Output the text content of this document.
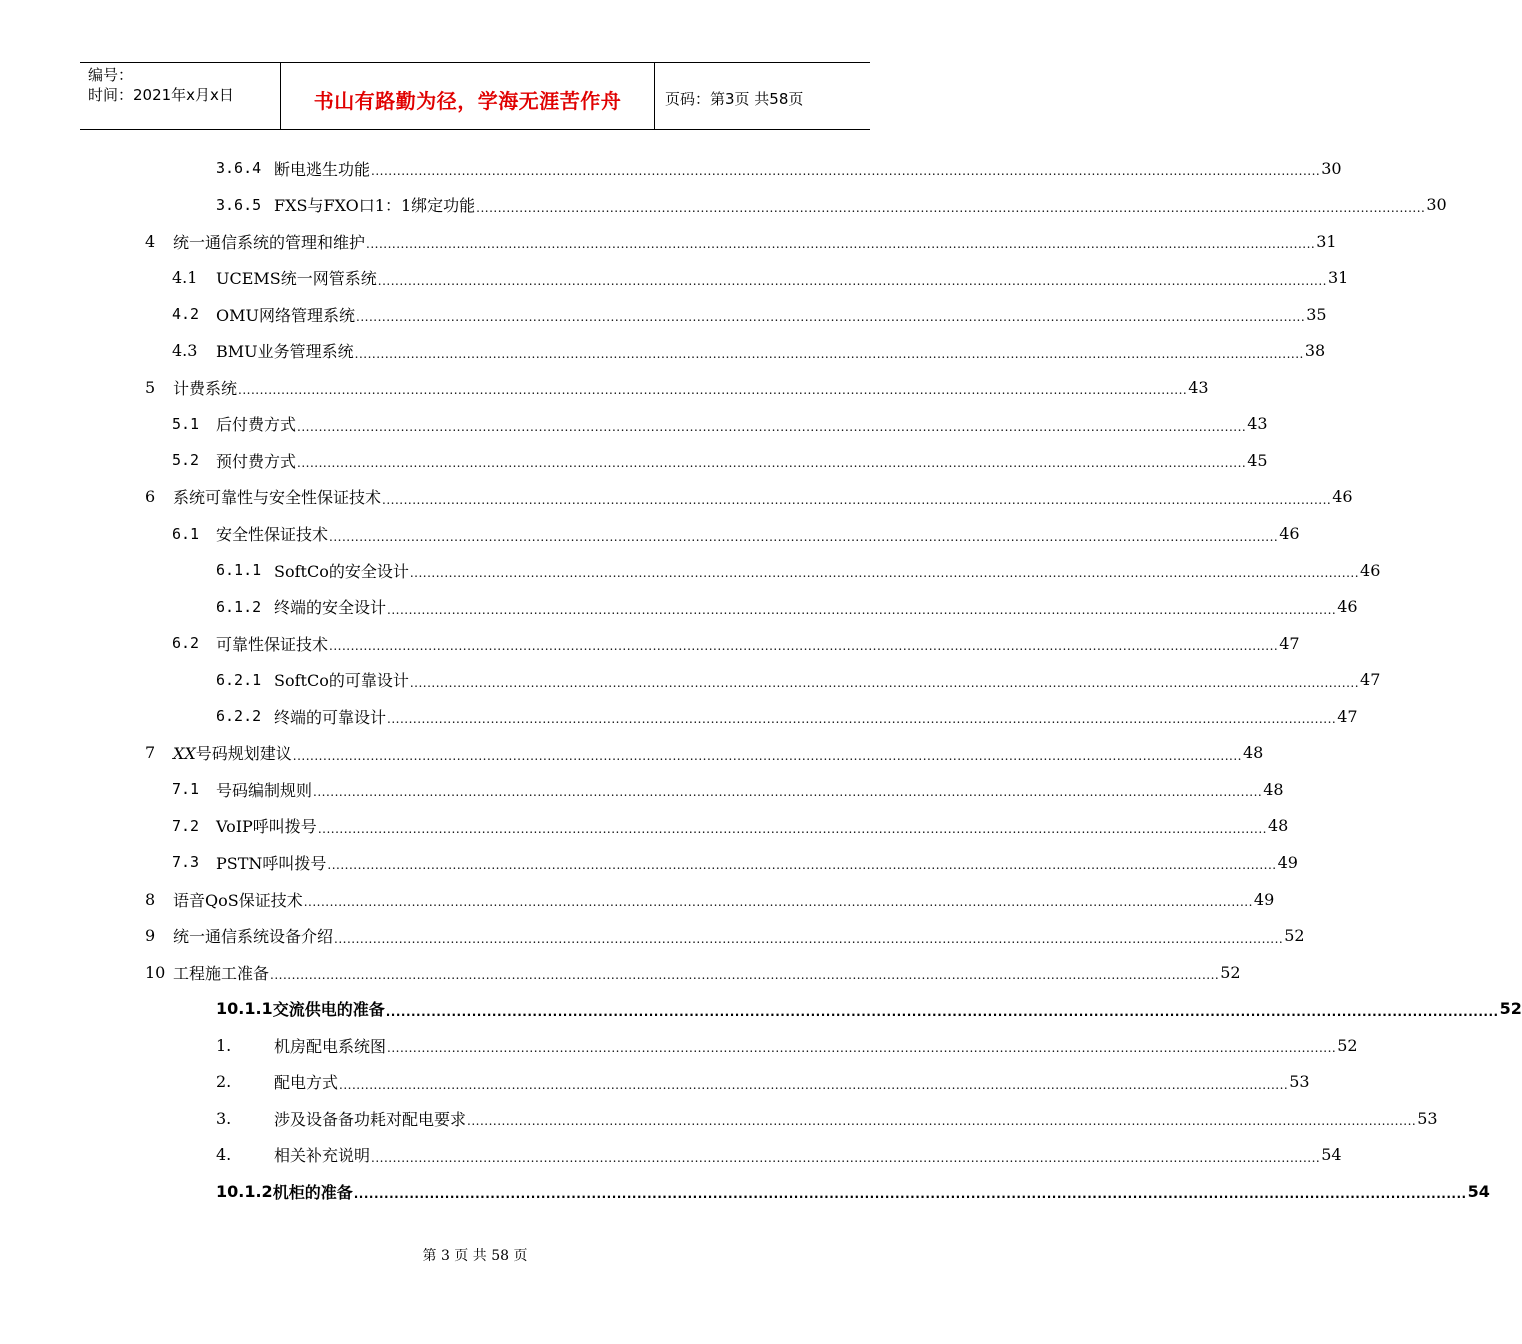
编号：
时间：2021年x月x日	书山有路勤为径，学海无涯苦作舟	页码：第3页 共58页
3.6.4 断电逃生功能 ............................................................................................................................................................................................................................ 30
3.6.5 FXS与FXO口1：1绑定功能 ............................................................................................................................................................................................................................ 30
4	统一通信系统的管理和维护 ............................................................................................................................................................................................................................ 31
4.1	UCEMS统一网管系统 ............................................................................................................................................................................................................................ 31
4.2	OMU网络管理系统 ............................................................................................................................................................................................................................ 35
4.3	BMU业务管理系统 ............................................................................................................................................................................................................................ 38
5	计费系统 ............................................................................................................................................................................................................................ 43
5.1	后付费方式 ............................................................................................................................................................................................................................ 43
5.2	预付费方式 ............................................................................................................................................................................................................................ 45
6	系统可靠性与安全性保证技术 ............................................................................................................................................................................................................................ 46
6.1	安全性保证技术 ............................................................................................................................................................................................................................ 46
6.1.1 SoftCo的安全设计 ............................................................................................................................................................................................................................ 46
6.1.2 终端的安全设计 ............................................................................................................................................................................................................................ 46
6.2	可靠性保证技术 ............................................................................................................................................................................................................................ 47
6.2.1 SoftCo的可靠设计 ............................................................................................................................................................................................................................ 47
6.2.2 终端的可靠设计 ............................................................................................................................................................................................................................ 47
7	XX号码规划建议 ............................................................................................................................................................................................................................ 48
7.1	号码编制规则 ............................................................................................................................................................................................................................ 48
7.2	VoIP呼叫拨号 ............................................................................................................................................................................................................................ 48
7.3	PSTN呼叫拨号 ............................................................................................................................................................................................................................ 49
8	语音QoS保证技术 ............................................................................................................................................................................................................................ 49
9	统一通信系统设备介绍 ............................................................................................................................................................................................................................ 52
10 工程施工准备 ............................................................................................................................................................................................................................ 52
10.1.1 交流供电的准备 ............................................................................................................................................................................................................................ 52
1.	机房配电系统图 ............................................................................................................................................................................................................................ 52
2.	配电方式 ............................................................................................................................................................................................................................ 53
3.	涉及设备备功耗对配电要求 ............................................................................................................................................................................................................................ 53
4.	相关补充说明 ............................................................................................................................................................................................................................ 54
10.1.2 机柜的准备 ............................................................................................................................................................................................................................ 54
第 3 页 共 58 页
